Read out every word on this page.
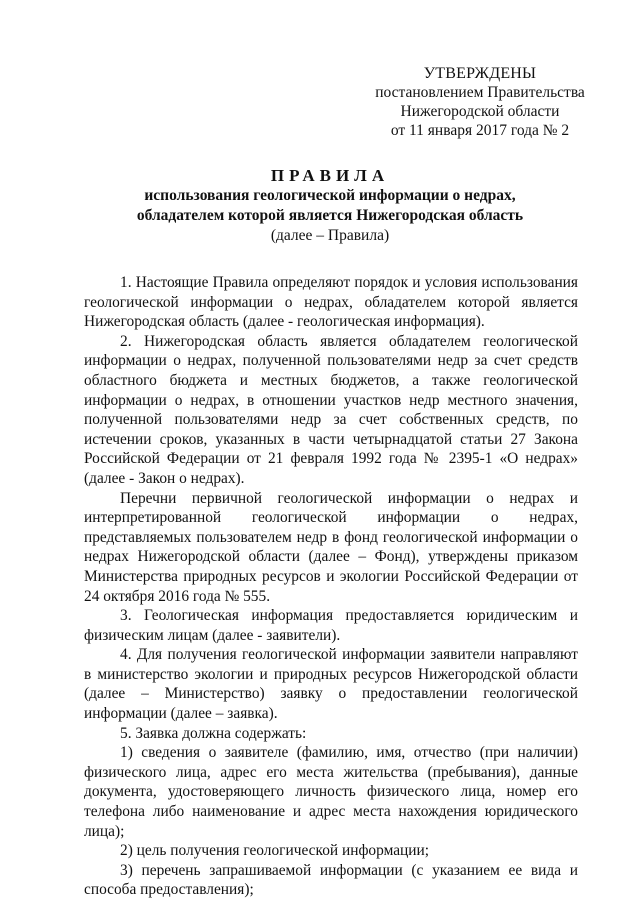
УТВЕРЖДЕНЫ
постановлением Правительства
Нижегородской области
от 11 января 2017 года № 2
ПРАВИЛА
использования геологической информации о недрах,
обладателем которой является Нижегородская область
(далее – Правила)

1. Настоящие Правила определяют порядок и условия использования геологической информации о недрах, обладателем которой является Нижегородская область (далее - геологическая информация).

2. Нижегородская область является обладателем геологической информации о недрах, полученной пользователями недр за счет средств областного бюджета и местных бюджетов, а также геологической информации о недрах, в отношении участков недр местного значения, полученной пользователями недр за счет собственных средств, по истечении сроков, указанных в части четырнадцатой статьи 27 Закона Российской Федерации от 21 февраля 1992 года № 2395-1 «О недрах» (далее - Закон о недрах).

Перечни первичной геологической информации о недрах и интерпретированной геологической информации о недрах, представляемых пользователем недр в фонд геологической информации о недрах Нижегородской области (далее – Фонд), утверждены приказом Министерства природных ресурсов и экологии Российской Федерации от 24 октября 2016 года № 555.

3. Геологическая информация предоставляется юридическим и физическим лицам (далее - заявители).

4. Для получения геологической информации заявители направляют в министерство экологии и природных ресурсов Нижегородской области (далее – Министерство) заявку о предоставлении геологической информации (далее – заявка).

5. Заявка должна содержать:

1) сведения о заявителе (фамилию, имя, отчество (при наличии) физического лица, адрес его места жительства (пребывания), данные документа, удостоверяющего личность физического лица, номер его телефона либо наименование и адрес места нахождения юридического лица);

2) цель получения геологической информации;

3) перечень запрашиваемой информации (с указанием ее вида и способа предоставления);
